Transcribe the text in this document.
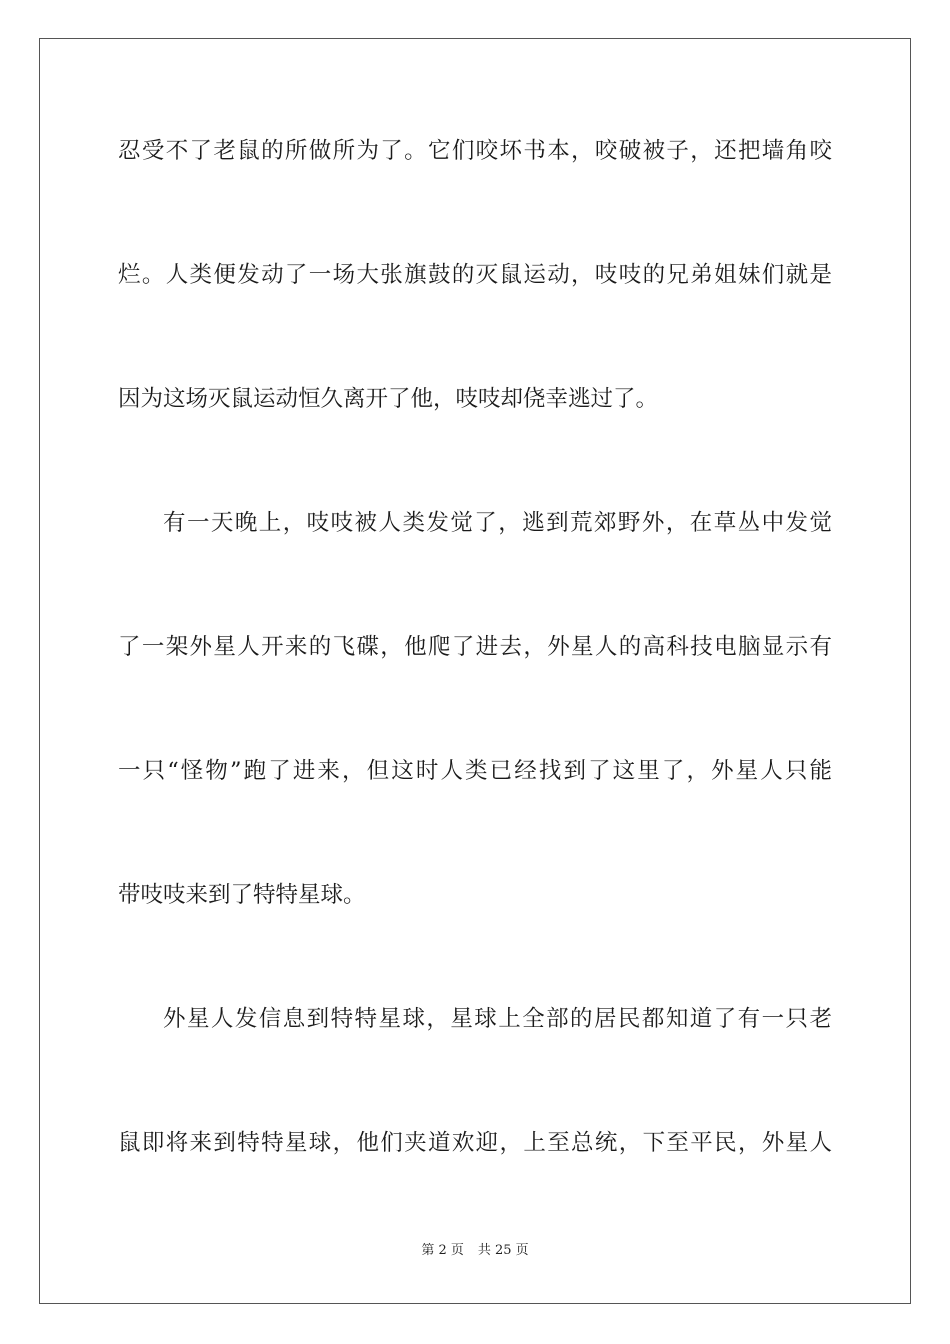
忍受不了老鼠的所做所为了。它们咬坏书本，咬破被子，还把墙角咬
烂。人类便发动了一场大张旗鼓的灭鼠运动，吱吱的兄弟姐妹们就是
因为这场灭鼠运动恒久离开了他，吱吱却侥幸逃过了。
有一天晚上，吱吱被人类发觉了，逃到荒郊野外，在草丛中发觉
了一架外星人开来的飞碟，他爬了进去，外星人的高科技电脑显示有
一只“怪物”跑了进来，但这时人类已经找到了这里了，外星人只能
带吱吱来到了特特星球。
外星人发信息到特特星球，星球上全部的居民都知道了有一只老
鼠即将来到特特星球，他们夹道欢迎，上至总统，下至平民，外星人
第 2 页 共 25 页
